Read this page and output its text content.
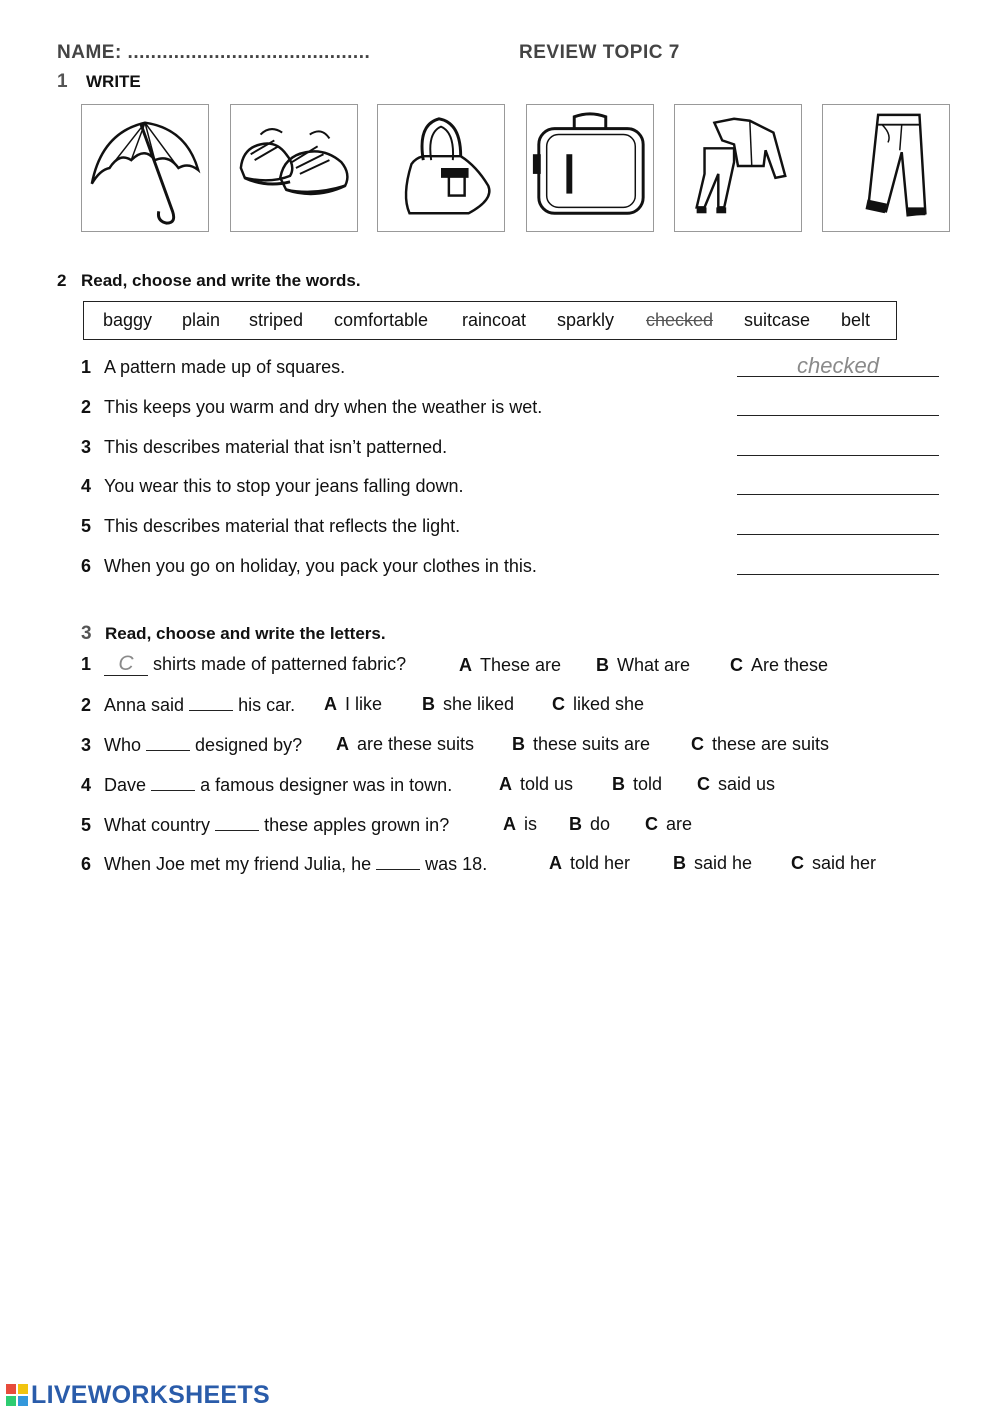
NAME: ..........................................	REVIEW TOPIC 7
1 WRITE
2 Read, choose and write the words.
baggy plain striped comfortable raincoat sparkly checked suitcase belt
1 A pattern made up of squares.	checked
2 This keeps you warm and dry when the weather is wet.
3 This describes material that isn’t patterned.
4 You wear this to stop your jeans falling down.
5 This describes material that reflects the light.
6 When you go on holiday, you pack your clothes in this.
3 Read, choose and write the letters.
1 C shirts made of patterned fabric?	A These are B What are C Are these
2 Anna said	his car. A I like B she liked C liked she
3 Who	designed by? A are these suits B these suits are C these are suits
4 Dave	a famous designer was in town.	A told us B told C said us
5 What country	these apples grown in?	A is B do C are
6 When Joe met my friend Julia, he	was 18.	A told her B said he C said her
LIVEWORKSHEETS
